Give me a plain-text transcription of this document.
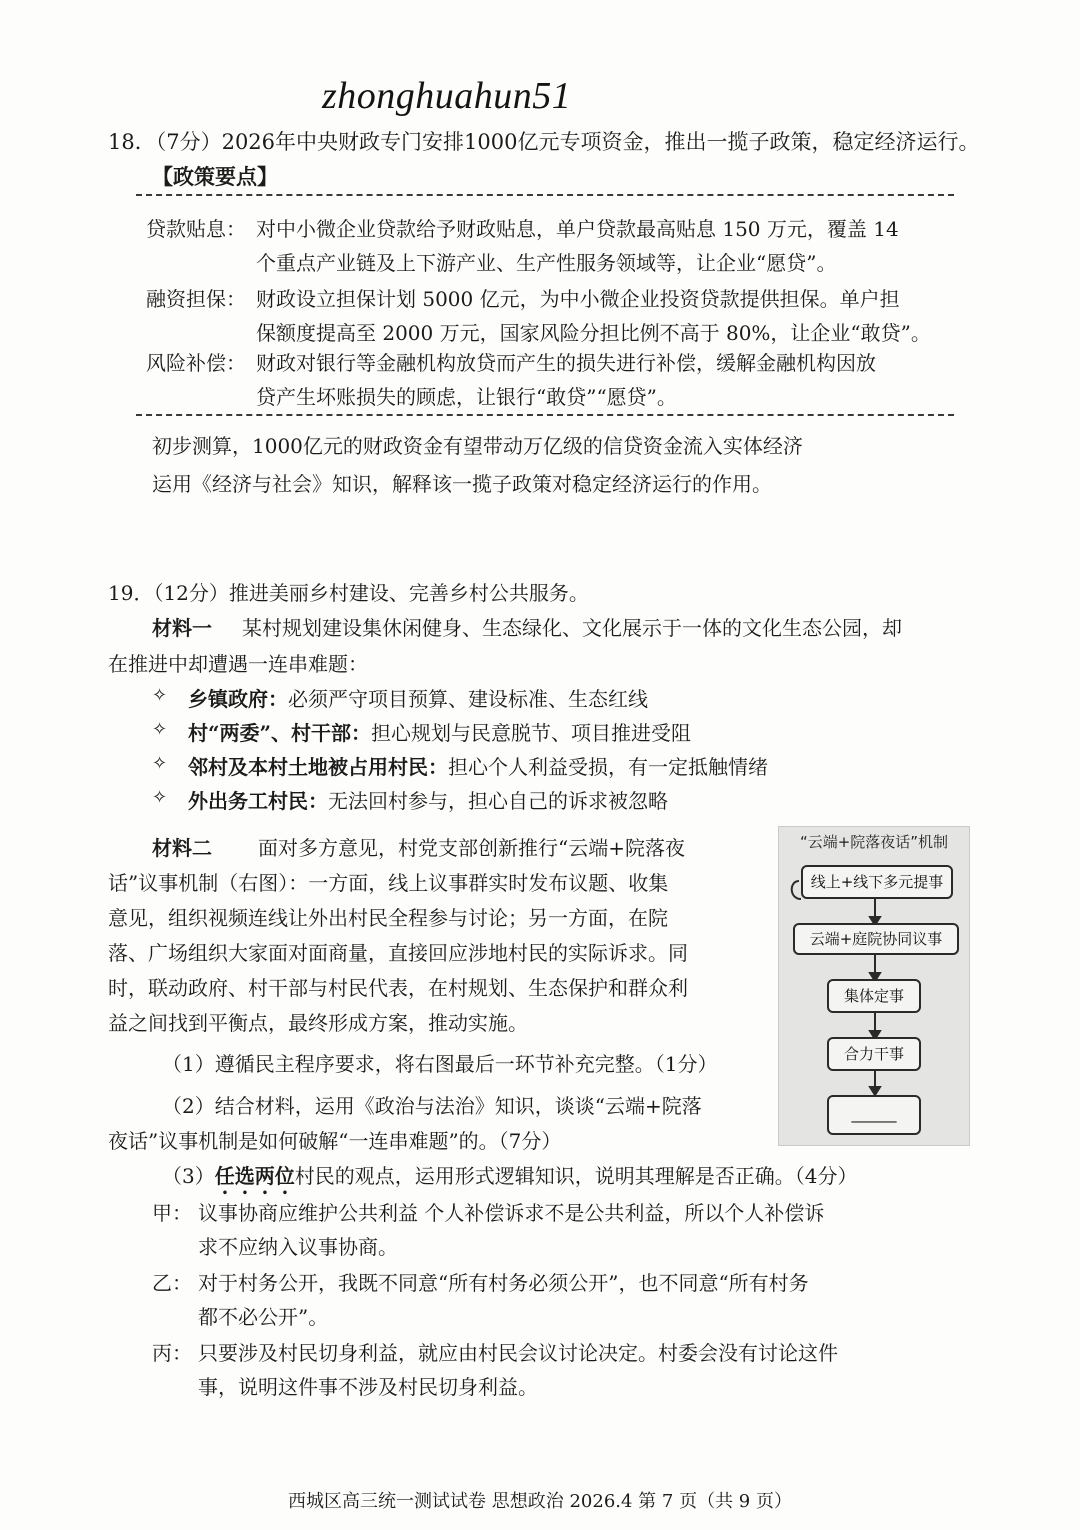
zhonghuahun51
18．（7分）2026年中央财政专门安排1000亿元专项资金，推出一揽子政策，稳定经济运行。
【政策要点】
贷款贴息： 对中小微企业贷款给予财政贴息，单户贷款最高贴息 150 万元，覆盖 14
个重点产业链及上下游产业、生产性服务领域等，让企业“愿贷”。
融资担保： 财政设立担保计划 5000 亿元，为中小微企业投资贷款提供担保。单户担
保额度提高至 2000 万元，国家风险分担比例不高于 80%，让企业“敢贷”。
风险补偿： 财政对银行等金融机构放贷而产生的损失进行补偿，缓解金融机构因放
贷产生坏账损失的顾虑，让银行“敢贷”“愿贷”。
初步测算，1000亿元的财政资金有望带动万亿级的信贷资金流入实体经济
运用《经济与社会》知识，解释该一揽子政策对稳定经济运行的作用。
19．（12分）推进美丽乡村建设、完善乡村公共服务。
材料一 某村规划建设集休闲健身、生态绿化、文化展示于一体的文化生态公园，却
在推进中却遭遇一连串难题：
✧ 乡镇政府：必须严守项目预算、建设标准、生态红线
✧ 村“两委”、村干部：担心规划与民意脱节、项目推进受阻
✧ 邻村及本村土地被占用村民：担心个人利益受损，有一定抵触情绪
✧ 外出务工村民：无法回村参与，担心自己的诉求被忽略
材料二 面对多方意见，村党支部创新推行“云端+院落夜
话”议事机制（右图）：一方面，线上议事群实时发布议题、收集
意见，组织视频连线让外出村民全程参与讨论；另一方面，在院
落、广场组织大家面对面商量，直接回应涉地村民的实际诉求。同
时，联动政府、村干部与村民代表，在村规划、生态保护和群众利
益之间找到平衡点，最终形成方案，推动实施。
（1）遵循民主程序要求，将右图最后一环节补充完整。（1分）
（2）结合材料，运用《政治与法治》知识，谈谈“云端+院落
夜话”议事机制是如何破解“一连串难题”的。（7分）
（3）任选两位村民的观点，运用形式逻辑知识，说明其理解是否正确。（4分）
甲： 议事协商应维护公共利益 个人补偿诉求不是公共利益，所以个人补偿诉
求不应纳入议事协商。
乙： 对于村务公开，我既不同意“所有村务必须公开”，也不同意“所有村务
都不必公开”。
丙： 只要涉及村民切身利益，就应由村民会议讨论决定。村委会没有讨论这件
事，说明这件事不涉及村民切身利益。
“云端+院落夜话”机制
线上+线下多元提事
云端+庭院协同议事
集体定事
合力干事
______
西城区高三统一测试试卷 思想政治 2026.4 第 7 页（共 9 页）
